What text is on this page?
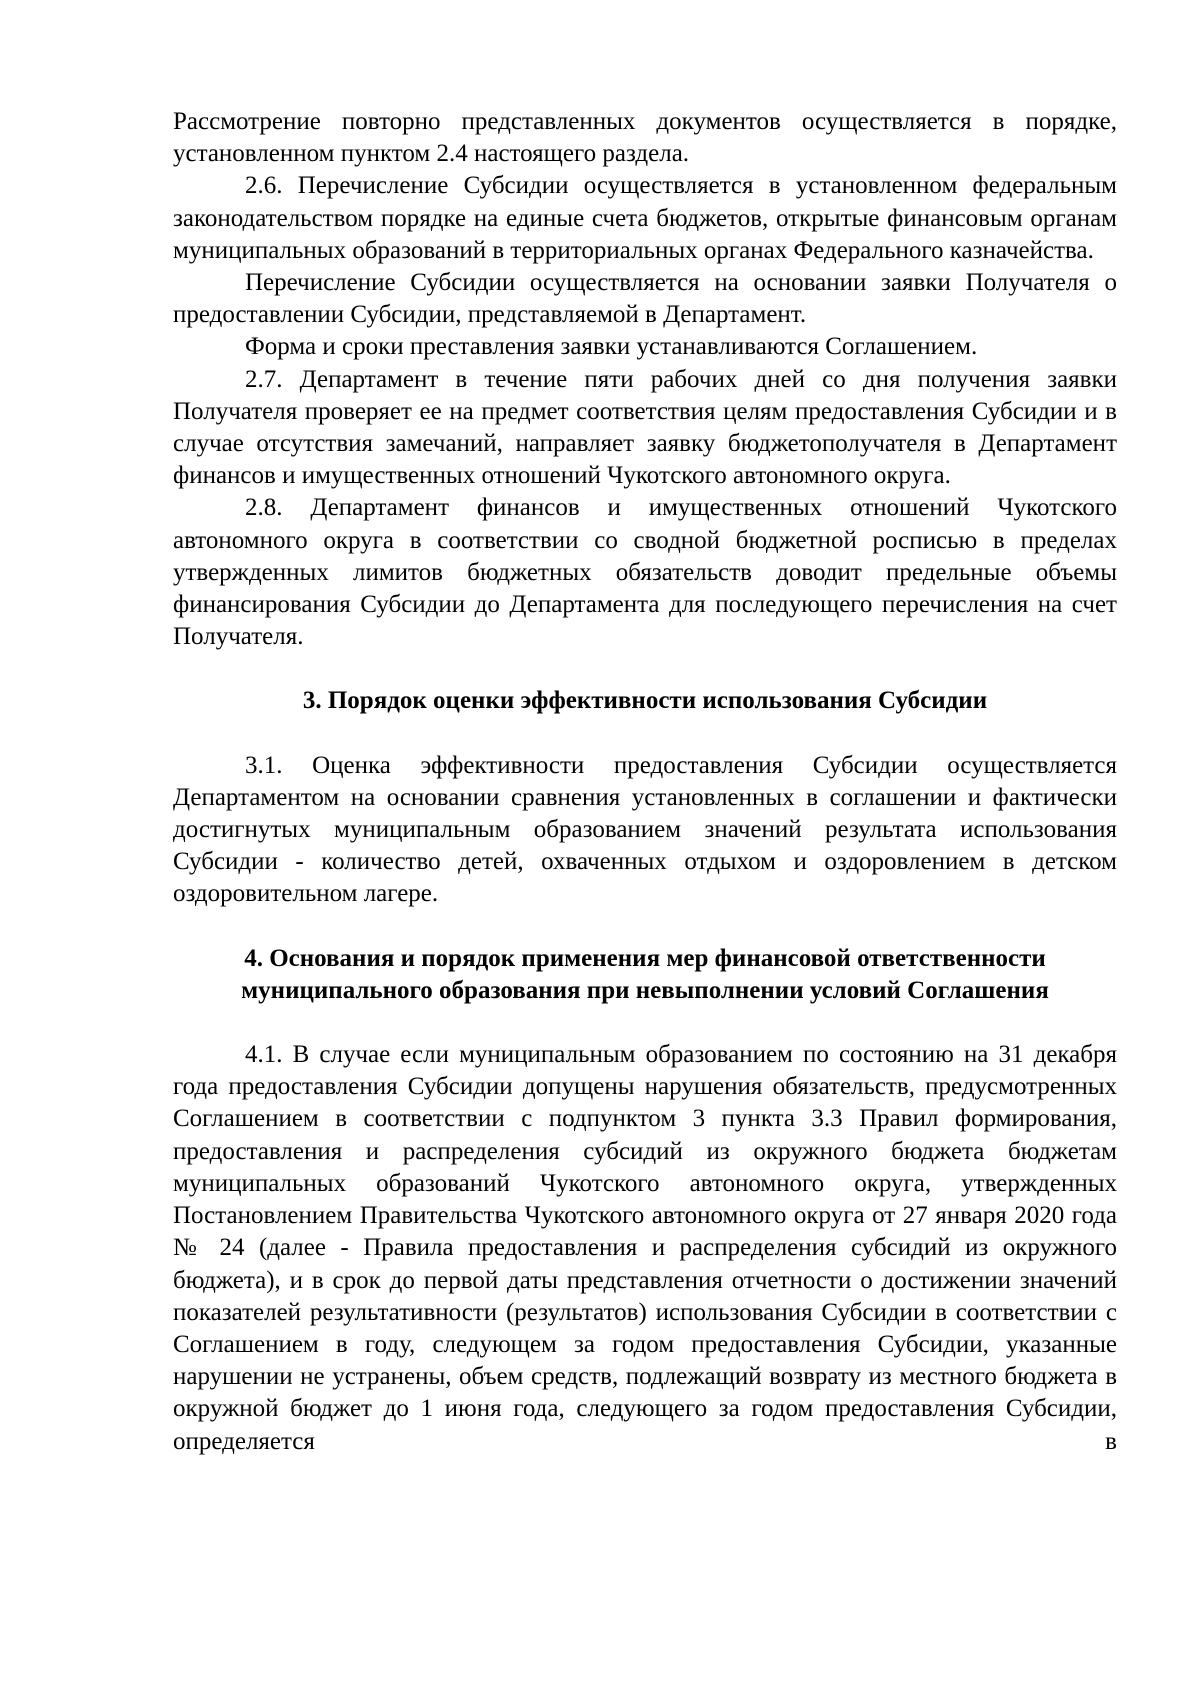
Рассмотрение повторно представленных документов осуществляется в порядке, установленном пунктом 2.4 настоящего раздела.

2.6. Перечисление Субсидии осуществляется в установленном федеральным законодательством порядке на единые счета бюджетов, открытые финансовым органам муниципальных образований в территориальных органах Федерального казначейства.

Перечисление Субсидии осуществляется на основании заявки Получателя о предоставлении Субсидии, представляемой в Департамент.

Форма и сроки преставления заявки устанавливаются Соглашением.

2.7. Департамент в течение пяти рабочих дней со дня получения заявки Получателя проверяет ее на предмет соответствия целям предоставления Субсидии и в случае отсутствия замечаний, направляет заявку бюджетополучателя в Департамент финансов и имущественных отношений Чукотского автономного округа.

2.8. Департамент финансов и имущественных отношений Чукотского автономного округа в соответствии со сводной бюджетной росписью в пределах утвержденных лимитов бюджетных обязательств доводит предельные объемы финансирования Субсидии до Департамента для последующего перечисления на счет Получателя.

3. Порядок оценки эффективности использования Субсидии

3.1. Оценка эффективности предоставления Субсидии осуществляется Департаментом на основании сравнения установленных в соглашении и фактически достигнутых муниципальным образованием значений результата использования Субсидии - количество детей, охваченных отдыхом и оздоровлением в детском оздоровительном лагере.

4. Основания и порядок применения мер финансовой ответственности
муниципального образования при невыполнении условий Соглашения

4.1. В случае если муниципальным образованием по состоянию на 31 декабря года предоставления Субсидии допущены нарушения обязательств, предусмотренных Соглашением в соответствии с подпунктом 3 пункта 3.3 Правил формирования, предоставления и распределения субсидий из окружного бюджета бюджетам муниципальных образований Чукотского автономного округа, утвержденных Постановлением Правительства Чукотского автономного округа от 27 января 2020 года № 24 (далее - Правила предоставления и распределения субсидий из окружного бюджета), и в срок до первой даты представления отчетности о достижении значений показателей результативности (результатов) использования Субсидии в соответствии с Соглашением в году, следующем за годом предоставления Субсидии, указанные нарушении не устранены, объем средств, подлежащий возврату из местного бюджета в окружной бюджет до 1 июня года, следующего за годом предоставления Субсидии, определяется в
